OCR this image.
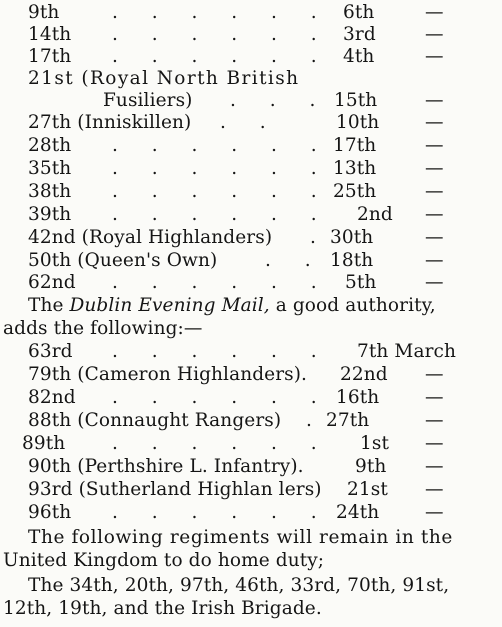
9th	. . . . . . 6th	—
14th . . . . . . 3rd	—
17th . . . . . . 4th	—
21st (Royal North British
Fusiliers) . . . 15th	—
27th (Inniskillen) . .	10th —
28th . . . . . . 17th	—
35th . . . . . . 13th	—
38th . . . . . . 25th	—
39th . . . . . . 2nd —
42nd (Royal Highlanders) . 30th	—
50th (Queen's Own)	. . 18th	—
62nd . . . . . . 5th	—
The Dublin Evening Mail, a good authority,
adds the following:—
63rd . . . . . . 7th March
79th (Cameron Highlanders). 22nd —
82nd . . . . . . 16th —
88th (Connaught Rangers) . 27th	—
89th	. . . . . . 1st —
90th (Perthshire L. Infantry).	9th —
93rd (Sutherland Highlan lers) 21st —
96th . . . . . . 24th —
The following regiments will remain in the
United Kingdom to do home duty;
The 34th, 20th, 97th, 46th, 33rd, 70th, 91st,
12th, 19th, and the Irish Brigade.
